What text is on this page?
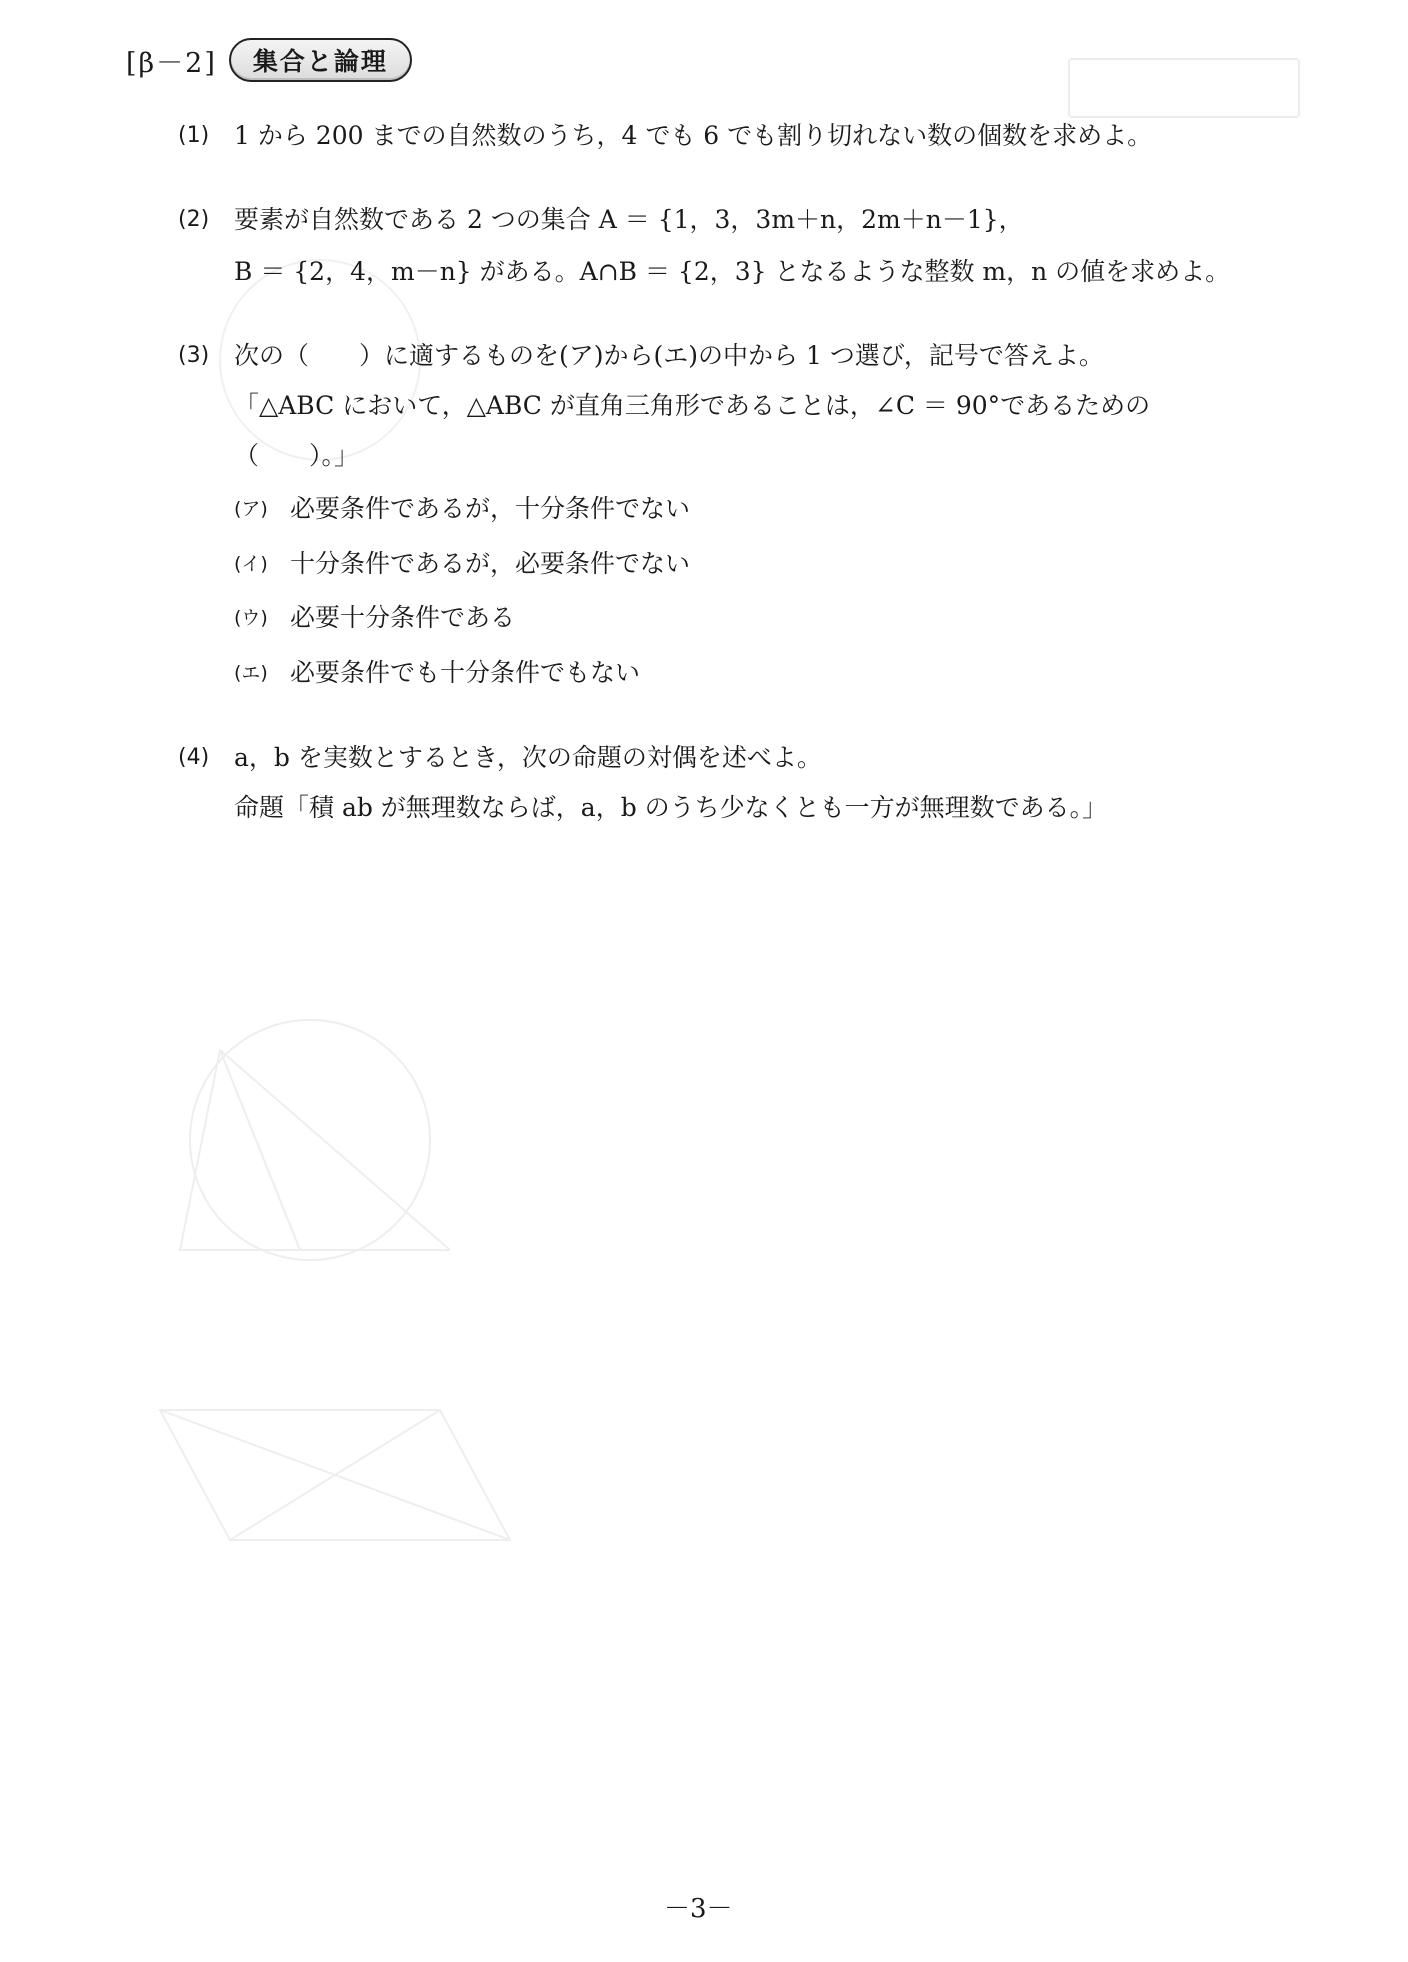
[β－2]	集合と論理
(1) 1 から 200 までの自然数のうち，4 でも 6 でも割り切れない数の個数を求めよ。
(2) 要素が自然数である 2 つの集合 A ＝ {1，3，3m＋n，2m＋n－1}，
B ＝ {2，4，m－n} がある。A∩B ＝ {2，3} となるような整数 m，n の値を求めよ。
(3) 次の（　　）に適するものを(ア)から(エ)の中から 1 つ選び，記号で答えよ。
「△ABC において，△ABC が直角三角形であることは，∠C ＝ 90°であるための
（　　）。」
(ア) 必要条件であるが，十分条件でない
(イ) 十分条件であるが，必要条件でない
(ウ) 必要十分条件である
(エ) 必要条件でも十分条件でもない
(4) a，b を実数とするとき，次の命題の対偶を述べよ。
命題「積 ab が無理数ならば，a，b のうち少なくとも一方が無理数である。」
－3－
